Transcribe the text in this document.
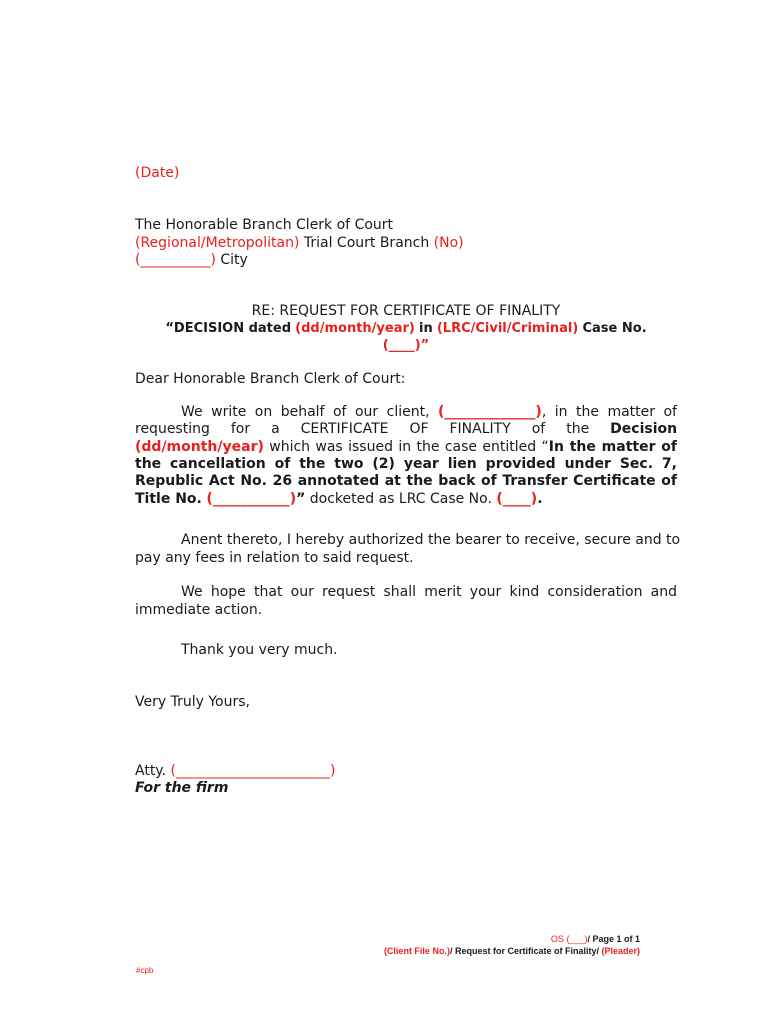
(Date)
The Honorable Branch Clerk of Court
(Regional/Metropolitan) Trial Court Branch (No)
(__________) City
RE: REQUEST FOR CERTIFICATE OF FINALITY
“DECISION dated (dd/month/year) in (LRC/Civil/Criminal) Case No.
(____)”
Dear Honorable Branch Clerk of Court:
We write on behalf of our client, (_____________), in the matter of
requesting for a CERTIFICATE OF FINALITY of the Decision
(dd/month/year) which was issued in the case entitled “In the matter of
the cancellation of the two (2) year lien provided under Sec. 7,
Republic Act No. 26 annotated at the back of Transfer Certificate of
Title No. (___________)” docketed as LRC Case No. (____).
Anent thereto, I hereby authorized the bearer to receive, secure and to
pay any fees in relation to said request.
We hope that our request shall merit your kind consideration and
immediate action.
Thank you very much.
Very Truly Yours,
Atty. (______________________)
For the firm
OS (___)/ Page 1 of 1
(Client File No.)/ Request for Certificate of Finality/ (Pleader)
#cpb
